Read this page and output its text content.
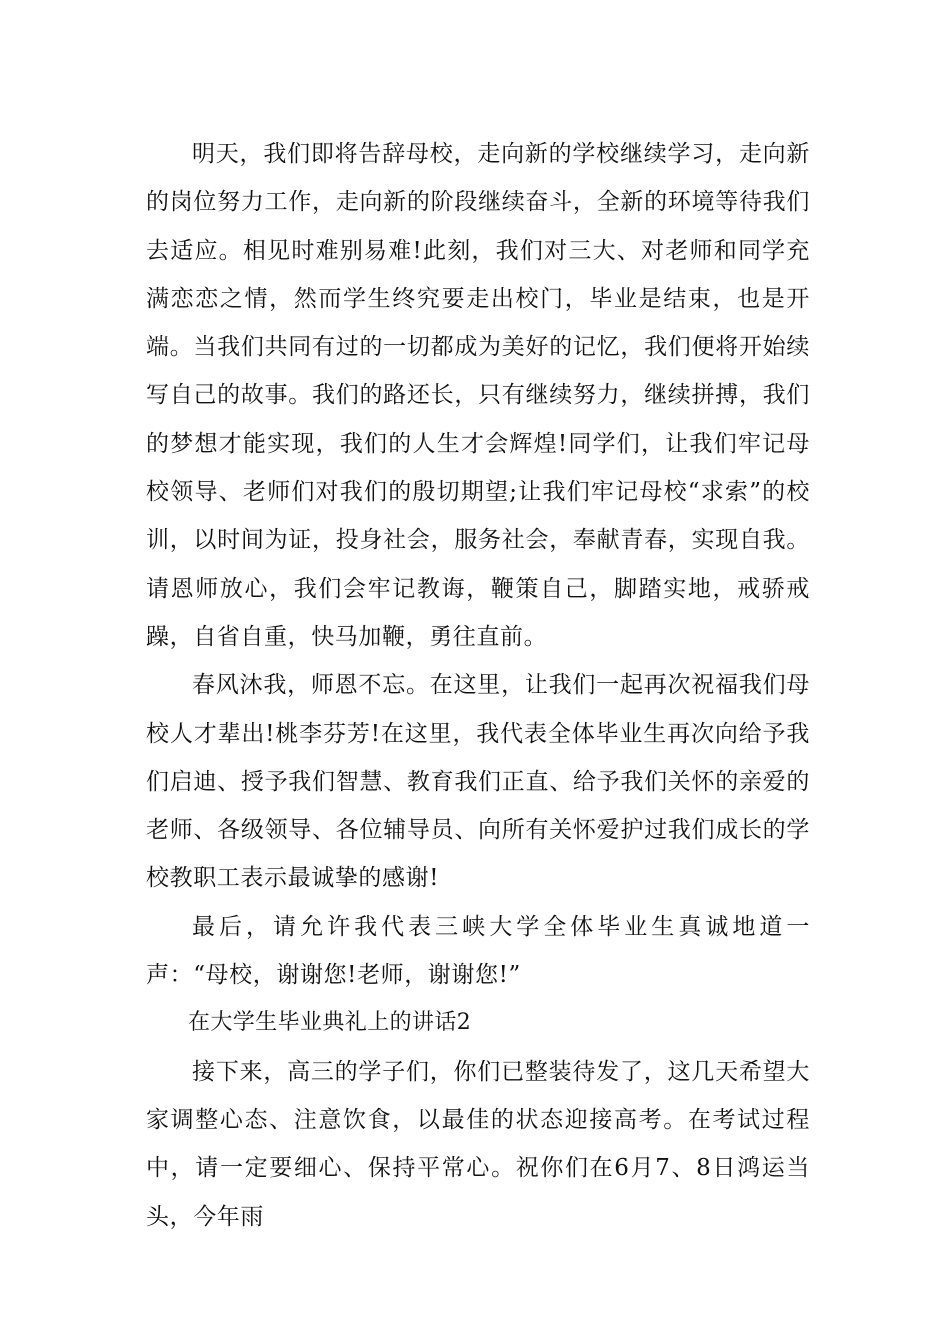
明天，我们即将告辞母校，走向新的学校继续学习，走向新的岗位努力工作，走向新的阶段继续奋斗，全新的环境等待我们去适应。相见时难别易难!此刻，我们对三大、对老师和同学充满恋恋之情，然而学生终究要走出校门，毕业是结束，也是开端。当我们共同有过的一切都成为美好的记忆，我们便将开始续写自己的故事。我们的路还长，只有继续努力，继续拼搏，我们的梦想才能实现，我们的人生才会辉煌!同学们，让我们牢记母校领导、老师们对我们的殷切期望;让我们牢记母校“求索”的校训，以时间为证，投身社会，服务社会，奉献青春，实现自我。请恩师放心，我们会牢记教诲，鞭策自己，脚踏实地，戒骄戒躁，自省自重，快马加鞭，勇往直前。

春风沐我，师恩不忘。在这里，让我们一起再次祝福我们母校人才辈出!桃李芬芳!在这里，我代表全体毕业生再次向给予我们启迪、授予我们智慧、教育我们正直、给予我们关怀的亲爱的老师、各级领导、各位辅导员、向所有关怀爱护过我们成长的学校教职工表示最诚挚的感谢!

最后，请允许我代表三峡大学全体毕业生真诚地道一声：“母校，谢谢您!老师，谢谢您!”

在大学生毕业典礼上的讲话2

接下来，高三的学子们，你们已整装待发了，这几天希望大家调整心态、注意饮食，以最佳的状态迎接高考。在考试过程中，请一定要细心、保持平常心。祝你们在6月7、8日鸿运当头，今年雨
